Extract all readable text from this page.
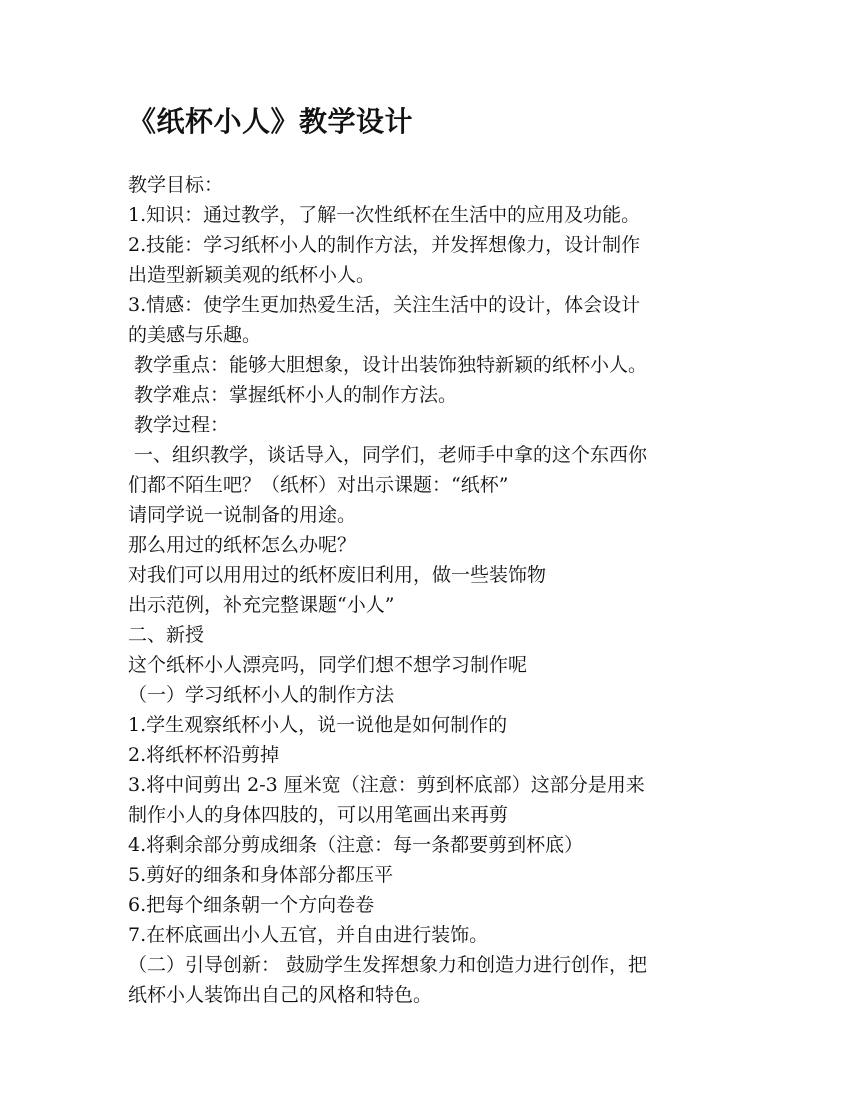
《纸杯小人》教学设计

教学目标：

1.知识：通过教学，了解一次性纸杯在生活中的应用及功能。

2.技能：学习纸杯小人的制作方法，并发挥想像力，设计制作

出造型新颖美观的纸杯小人。

3.情感：使学生更加热爱生活，关注生活中的设计，体会设计

的美感与乐趣。

教学重点：能够大胆想象，设计出装饰独特新颖的纸杯小人。

教学难点：掌握纸杯小人的制作方法。

教学过程：

一、组织教学，谈话导入，同学们，老师手中拿的这个东西你

们都不陌生吧？（纸杯）对出示课题：“纸杯”

请同学说一说制备的用途。

那么用过的纸杯怎么办呢？

对我们可以用用过的纸杯废旧利用，做一些装饰物

出示范例，补充完整课题“小人”

二、新授

这个纸杯小人漂亮吗，同学们想不想学习制作呢

（一）学习纸杯小人的制作方法

1.学生观察纸杯小人，说一说他是如何制作的

2.将纸杯杯沿剪掉

3.将中间剪出 2-3 厘米宽（注意：剪到杯底部）这部分是用来

制作小人的身体四肢的，可以用笔画出来再剪

4.将剩余部分剪成细条（注意：每一条都要剪到杯底）

5.剪好的细条和身体部分都压平

6.把每个细条朝一个方向卷卷

7.在杯底画出小人五官，并自由进行装饰。

（二）引导创新： 鼓励学生发挥想象力和创造力进行创作，把

纸杯小人装饰出自己的风格和特色。
